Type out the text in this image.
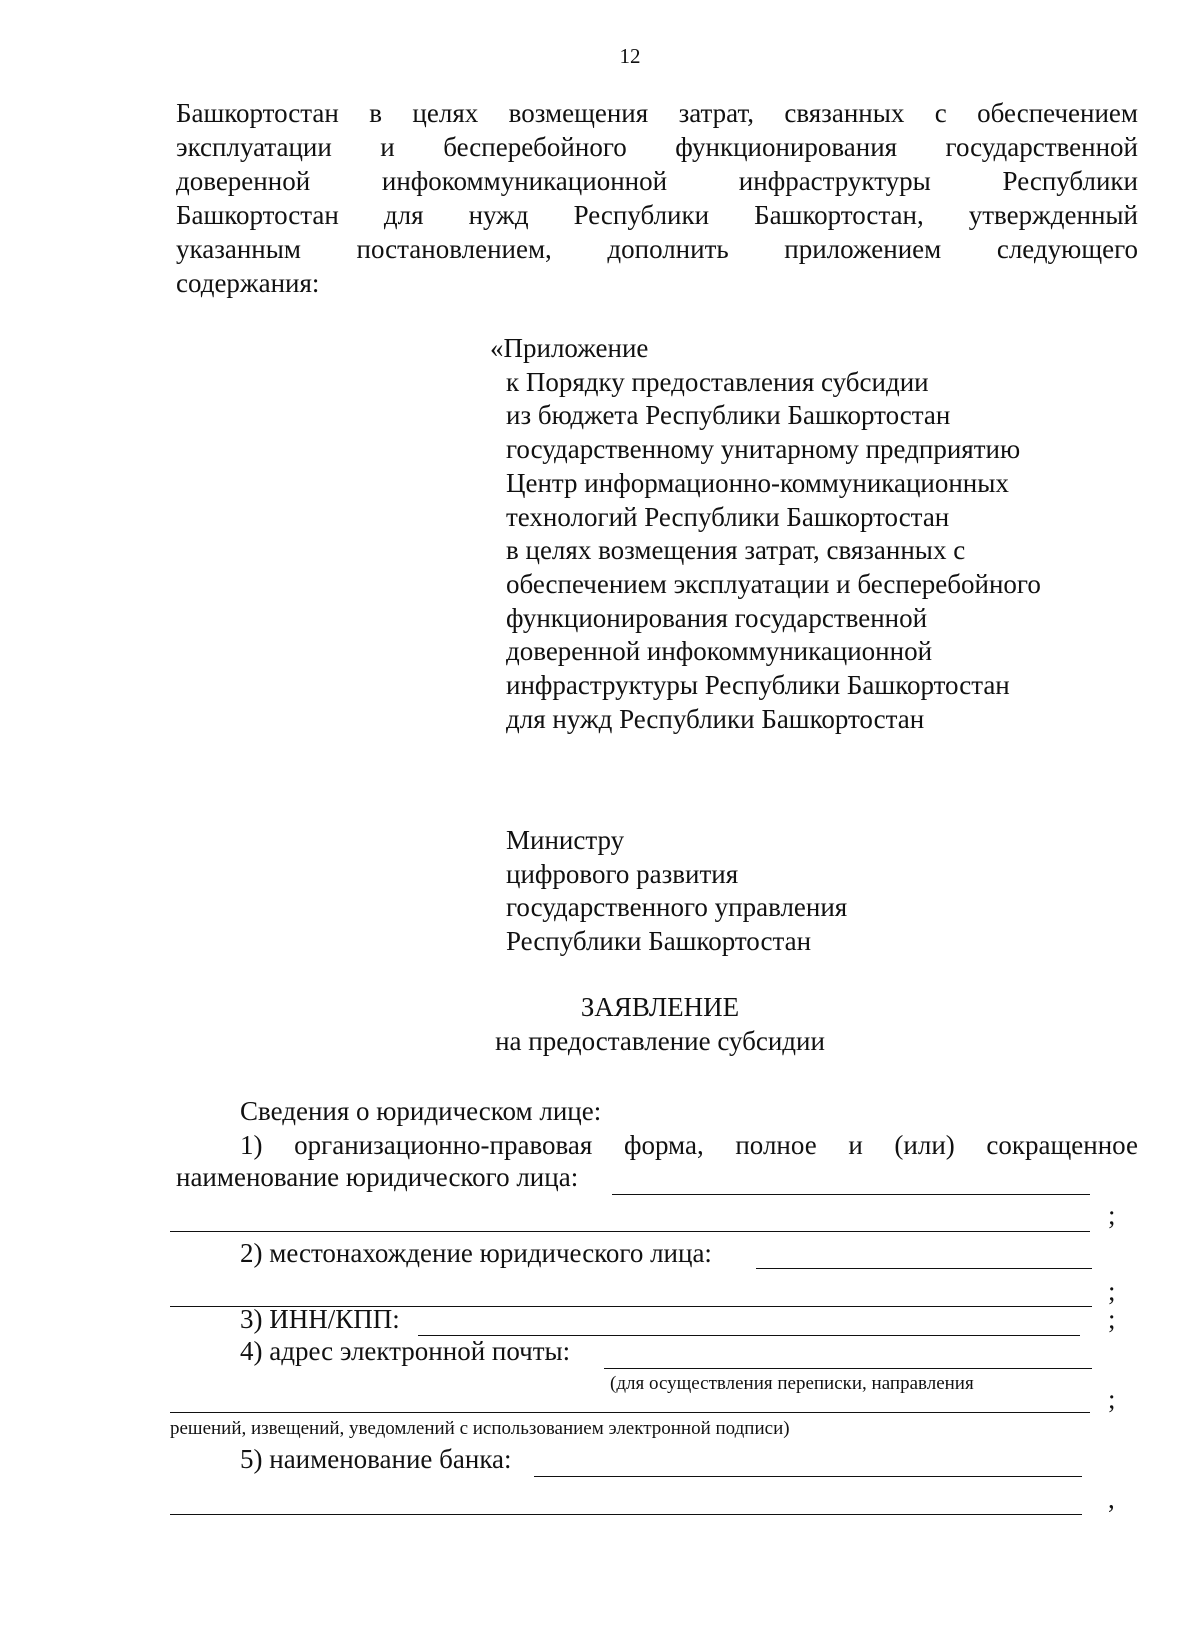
12
Башкортостан в целях возмещения затрат, связанных с обеспечением
эксплуатации и бесперебойного функционирования государственной
доверенной инфокоммуникационной инфраструктуры Республики
Башкортостан для нужд Республики Башкортостан, утвержденный
указанным постановлением, дополнить приложением следующего
содержания:
«Приложение
к Порядку предоставления субсидии
из бюджета Республики Башкортостан
государственному унитарному предприятию
Центр информационно-коммуникационных
технологий Республики Башкортостан
в целях возмещения затрат, связанных с
обеспечением эксплуатации и бесперебойного
функционирования государственной
доверенной инфокоммуникационной
инфраструктуры Республики Башкортостан
для нужд Республики Башкортостан
Министру
цифрового развития
государственного управления
Республики Башкортостан
ЗАЯВЛЕНИЕ
на предоставление субсидии
Сведения о юридическом лице:
1) организационно-правовая форма, полное и (или) сокращенное
наименование юридического лица:
;
2) местонахождение юридического лица:
;
3) ИНН/КПП:	;
4) адрес электронной почты:
(для осуществления переписки, направления
;
решений, извещений, уведомлений с использованием электронной подписи)
5) наименование банка:
,
